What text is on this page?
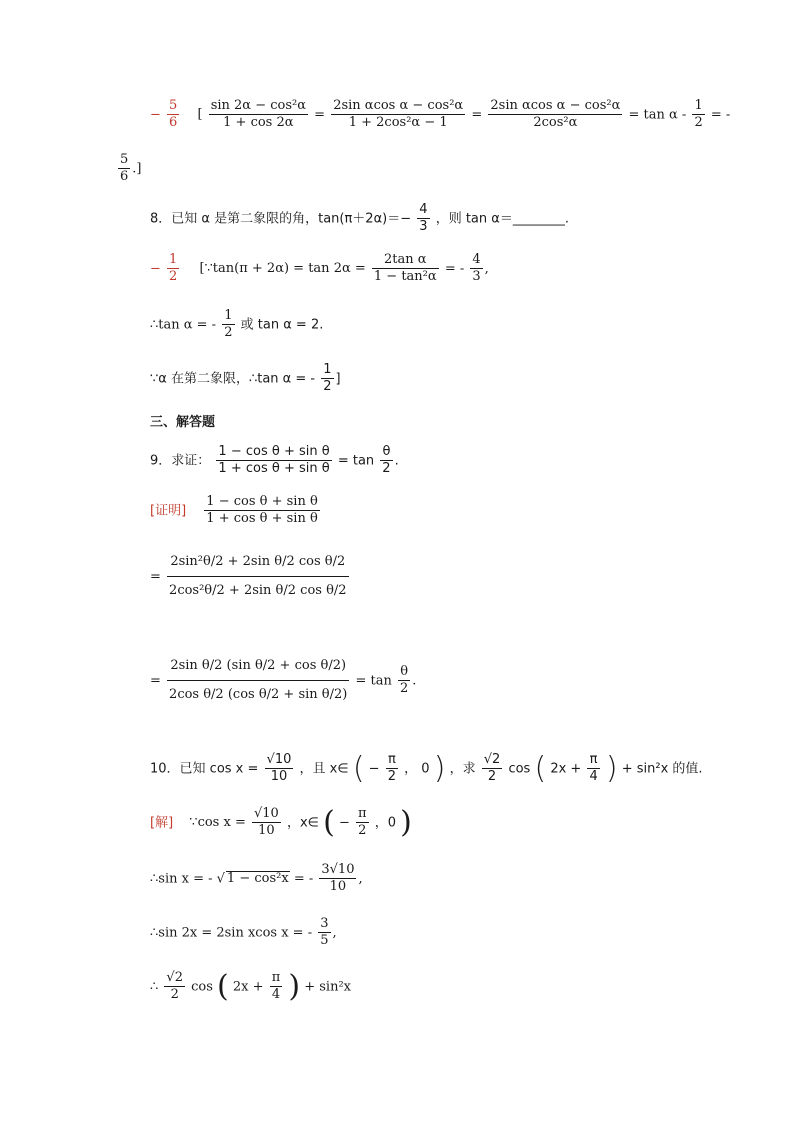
− $\frac{5}{6}$ [ $\frac{\text{sin 2α − cos²α}}{1 + \cos 2\alpha} = \frac{\text{2sin αcos α − cos²α}}{\text{1 + 2cos²α − 1}} = \frac{\text{2sin αcos α − cos²α}}{\text{2cos²α}} = \tan \alpha - \frac{1}{2}$ = -
$\frac{5}{6}$ .]
8．已知 α 是第二象限的角，$\tan(\pi+2\alpha)=- \frac{4}{3}$ ，则 tan α＝________.
− $\frac{1}{2}$ [∵tan(π + $2\alpha) = \tan 2\alpha = \frac{\text{2tan α}}{\text{1 − tan²α}}$ = - $\frac{4}{3}$ ,
∴tan α = - $\frac{1}{2}$ 或 tan α = 2.
∵α 在第二象限，∴tan α = - $\frac{1}{2}$ ]
三、解答题
9．求证： $\frac{\text{1 − cos θ + sin θ}}{\text{1 + cos θ + sin θ}} = \tan \frac{\theta}{2}$ .
[证明] $\frac{\text{1 − cos θ + sin θ}}{\text{1 + cos θ + sin θ}}$
= $\frac{\text{2sin²θ/2 + 2sin θ/2 cos θ/2}}{\text{2cos²θ/2 + 2sin θ/2 cos θ/2}}$
= $\frac{\text{2sin θ/2 (sin θ/2 + cos θ/2)}}{\text{2cos θ/2 (cos θ/2 + sin θ/2)}} = \tan \frac{\theta}{2}$ .
10．已知 $\cos x = \frac{√10}{10}$ ，且 x∈ ( − $\frac{\pi}{2}$ ， 0 ) ，求 $\frac{√2}{2}$ cos ( $2x + \frac{\pi}{4}$ ) + sin²x 的值.
[解] ∵cos $x = \frac{√10}{10}$ ，x∈ ( − $\frac{\pi}{2}$ ，0 )
∴sin x = - √ 1 − cos²x = - $\frac{3√10}{10}$ ,
∴sin 2x = 2sin xcos x = - $\frac{3}{5}$ ,
∴ $\frac{√2}{2}$ cos ( $2x + \frac{\pi}{4}$ ) + sin²x
